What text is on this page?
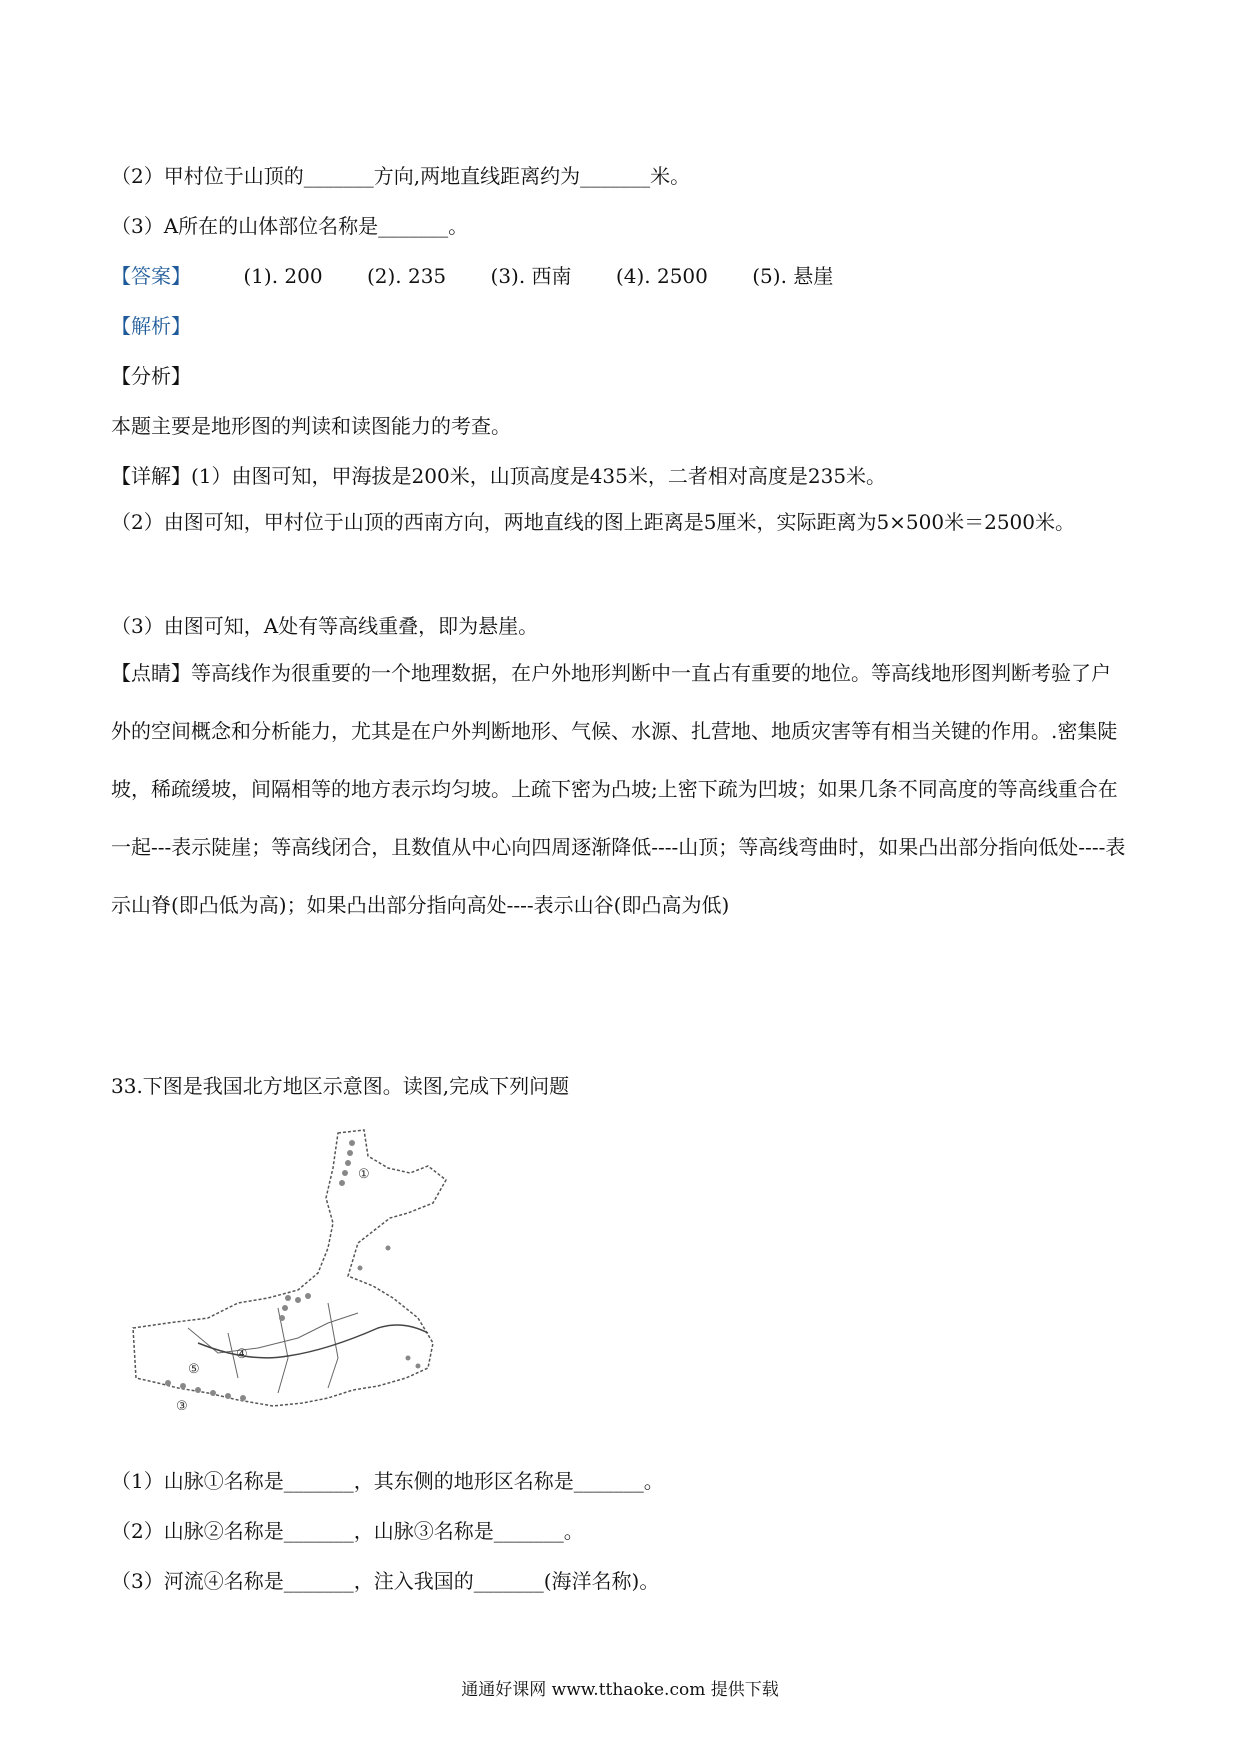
（2）甲村位于山顶的_______方向,两地直线距离约为_______米。
（3）A所在的山体部位名称是_______。
【答案】	(1). 200 (2). 235 (3). 西南 (4). 2500 (5). 悬崖
【解析】
【分析】
本题主要是地形图的判读和读图能力的考查。
【详解】(1）由图可知，甲海拔是200米，山顶高度是435米，二者相对高度是235米。
（2）由图可知，甲村位于山顶的西南方向，两地直线的图上距离是5厘米，实际距离为5×500米＝2500米。
（3）由图可知，A处有等高线重叠，即为悬崖。
【点睛】等高线作为很重要的一个地理数据，在户外地形判断中一直占有重要的地位。等高线地形图判断考验了户外的空间概念和分析能力，尤其是在户外判断地形、气候、水源、扎营地、地质灾害等有相当关键的作用。.密集陡坡，稀疏缓坡，间隔相等的地方表示均匀坡。上疏下密为凸坡;上密下疏为凹坡；如果几条不同高度的等高线重合在一起---表示陡崖；等高线闭合，且数值从中心向四周逐渐降低----山顶；等高线弯曲时，如果凸出部分指向低处----表示山脊(即凸低为高)；如果凸出部分指向高处----表示山谷(即凸高为低)
33.下图是我国北方地区示意图。读图,完成下列问题
①
④
⑤
③
（1）山脉①名称是_______，其东侧的地形区名称是_______。
（2）山脉②名称是_______，山脉③名称是_______。
（3）河流④名称是_______，注入我国的_______(海洋名称)。
通通好课网 www.tthaoke.com 提供下载
